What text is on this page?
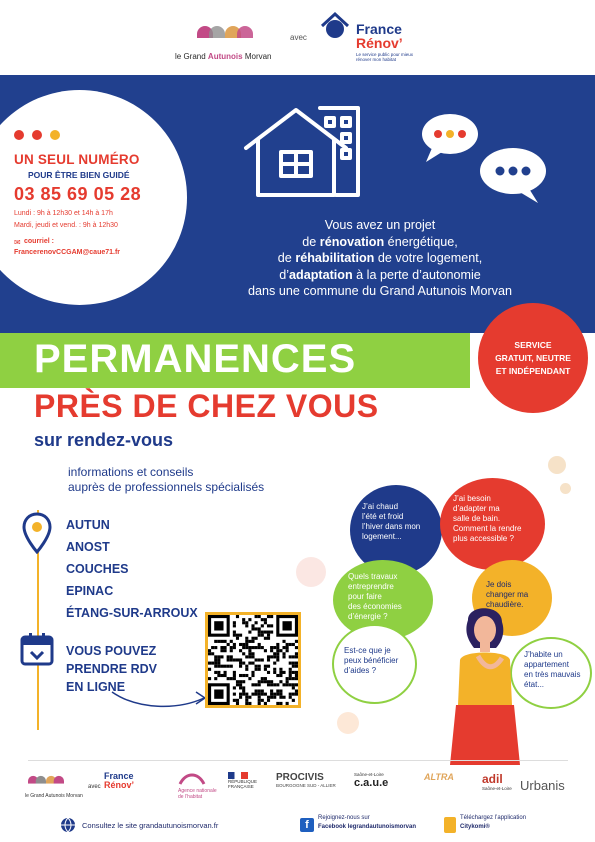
le Grand Autunois Morvan
avec
France
Rénov’
Le service public pour mieux rénover mon habitat
UN SEUL NUMÉRO
POUR ÊTRE BIEN GUIDÉ
03 85 69 05 28
Lundi : 9h à 12h30 et 14h à 17h
Mardi, jeudi et vend. : 9h à 12h30
✉ courriel :
FrancerenovCCGAM@caue71.fr
Vous avez un projet
de rénovation énergétique,
de réhabilitation de votre logement,
d’adaptation à la perte d’autonomie
dans une commune du Grand Autunois Morvan
PERMANENCES
PRÈS DE CHEZ VOUS
sur rendez-vous
SERVICE
GRATUIT, NEUTRE
ET INDÉPENDANT
informations et conseils
auprès de professionnels spécialisés
AUTUN
ANOST
COUCHES
EPINAC
ÉTANG-SUR-ARROUX
VOUS POUVEZ
PRENDRE RDV
EN LIGNE
J’ai chaud
l’été et froid
l’hiver dans mon
logement...
J’ai besoin
d’adapter ma
salle de bain.
Comment la rendre
plus accessible ?
Quels travaux
entreprendre
pour faire
des économies
d’énergie ?
Je dois
changer ma
chaudière.
Est-ce que je
peux bénéficier
d’aides ?
J’habite un
appartement
en très mauvais
état...
le Grand Autunois Morvan
avec
France
Rénov’
Agence nationale de l’habitat
RÉPUBLIQUE FRANÇAISE
PROCIVIS
BOURGOGNE SUD - ALLIER
Saône-et-Loire
c.a.u.e	ALTRA adil
Saône-et-Loire Urbanis
Consultez le site grandautunoismorvan.fr	f
Rejoignez-nous sur
Facebook legrandautunoismorvan
Téléchargez l’application
Citykomi®
